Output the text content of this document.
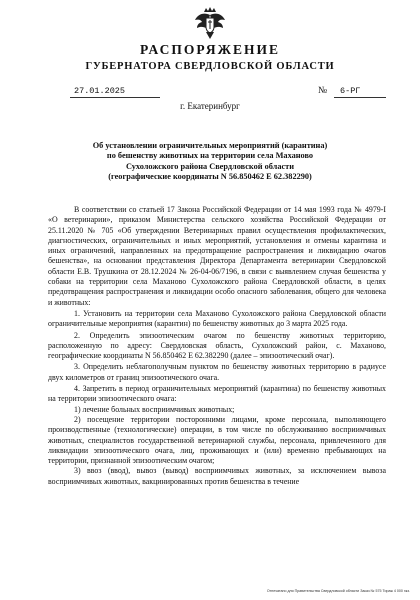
РАСПОРЯЖЕНИЕ
ГУБЕРНАТОРА СВЕРДЛОВСКОЙ ОБЛАСТИ
27.01.2025	№	6-РГ
г. Екатеринбург
Об установлении ограничительных мероприятий (карантина)
по бешенству животных на территории села Маханово
Сухоложского района Свердловской области
(географические координаты N 56.850462 E 62.382290)

В соответствии со статьей 17 Закона Российской Федерации от 14 мая 1993 года № 4979-I «О ветеринарии», приказом Министерства сельского хозяйства Российской Федерации от 25.11.2020 № 705 «Об утверждении Ветеринарных правил осуществления профилактических, диагностических, ограничительных и иных мероприятий, установления и отмены карантина и иных ограничений, направленных на предотвращение распространения и ликвидацию очагов бешенства», на основании представления Директора Департамента ветеринарии Свердловской области Е.В. Трушкина от 28.12.2024 № 26-04-06/7196, в связи с выявлением случая бешенства у собаки на территории села Маханово Сухоложского района Свердловской области, в целях предотвращения распространения и ликвидации особо опасного заболевания, общего для человека и животных:

1. Установить на территории села Маханово Сухоложского района Свердловской области ограничительные мероприятия (карантин) по бешенству животных до 3 марта 2025 года.

2. Определить эпизоотическим очагом по бешенству животных территорию, расположенную по адресу: Свердловская область, Сухоложский район, с. Маханово, географические координаты N 56.850462 E 62.382290 (далее – эпизоотический очаг).

3. Определить неблагополучным пунктом по бешенству животных территорию в радиусе двух километров от границ эпизоотического очага.

4. Запретить в период ограничительных мероприятий (карантина) по бешенству животных на территории эпизоотического очага:

1) лечение больных восприимчивых животных;

2) посещение территории посторонними лицами, кроме персонала, выполняющего производственные (технологические) операции, в том числе по обслуживанию восприимчивых животных, специалистов государственной ветеринарной службы, персонала, привлеченного для ликвидации эпизоотического очага, лиц, проживающих и (или) временно пребывающих на территории, признанной эпизоотическим очагом;

3) ввоз (ввод), вывоз (вывод) восприимчивых животных, за исключением вывоза восприимчивых животных, вакцинированных против бешенства в течение

Отпечатано для Правительства Свердловской области Заказ № 575 Тираж 4 000 экз.
